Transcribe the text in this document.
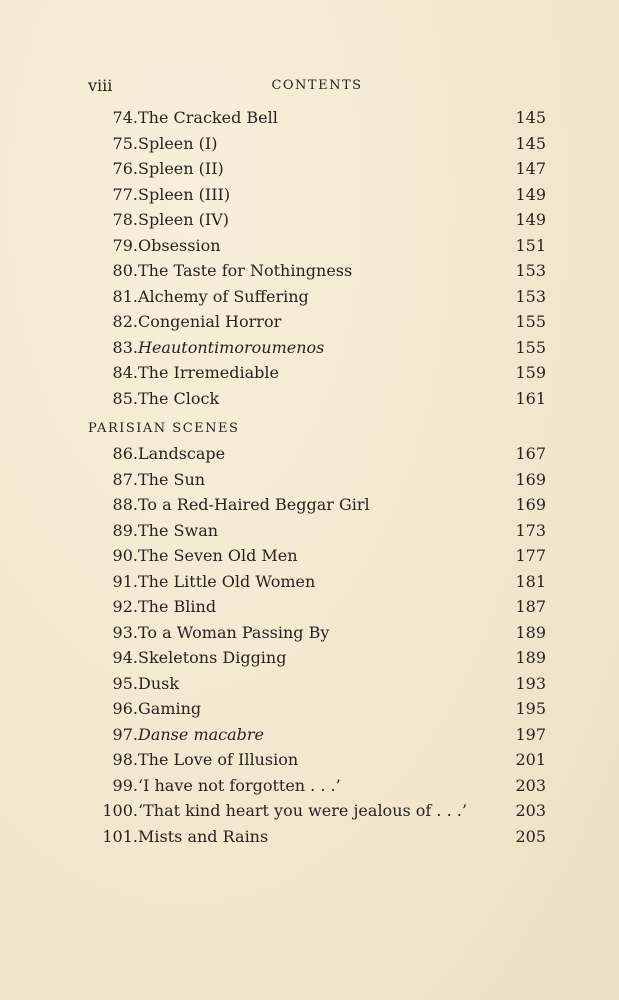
viii	CONTENTS
74. The Cracked Bell	145
75. Spleen (I)	145
76. Spleen (II)	147
77. Spleen (III)	149
78. Spleen (IV)	149
79. Obsession	151
80. The Taste for Nothingness	153
81. Alchemy of Suffering	153
82. Congenial Horror	155
83. Heautontimoroumenos	155
84. The Irremediable	159
85. The Clock	161
PARISIAN SCENES
86. Landscape	167
87. The Sun	169
88. To a Red-Haired Beggar Girl	169
89. The Swan	173
90. The Seven Old Men	177
91. The Little Old Women	181
92. The Blind	187
93. To a Woman Passing By	189
94. Skeletons Digging	189
95. Dusk	193
96. Gaming	195
97. Danse macabre	197
98. The Love of Illusion	201
99. ‘I have not forgotten . . .’	203
100. ‘That kind heart you were jealous of . . .’	203
101. Mists and Rains	205
